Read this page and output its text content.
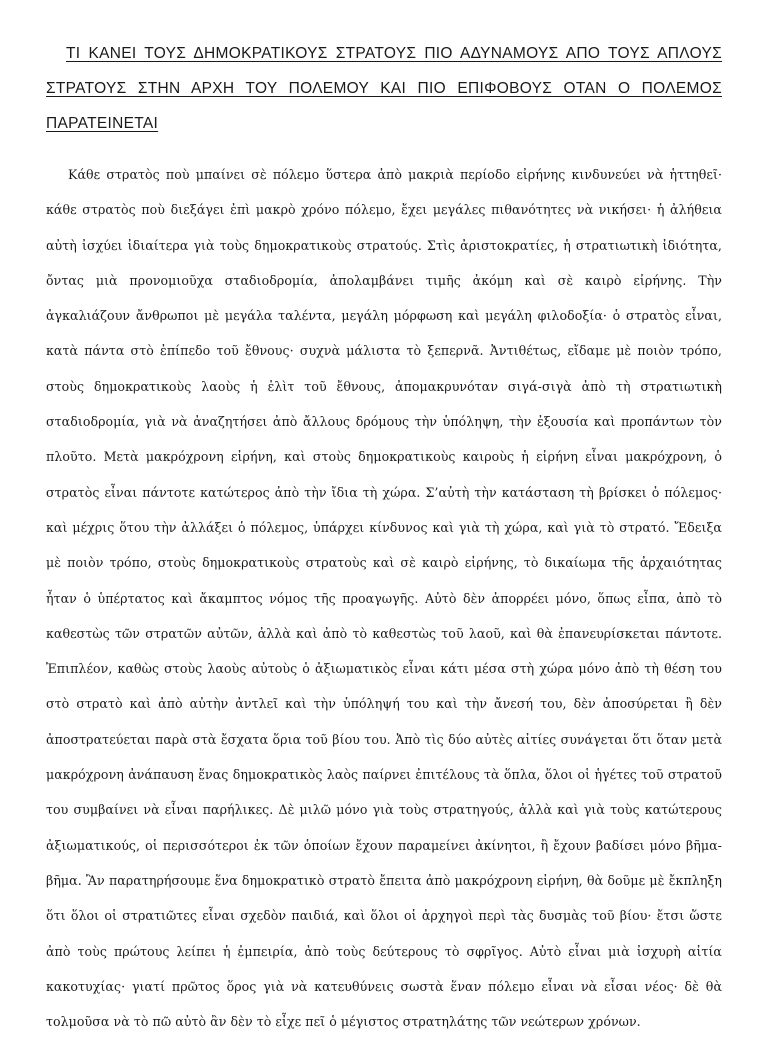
ΤΙ ΚΑΝΕΙ ΤΟΥΣ ΔΗΜΟΚΡΑΤΙΚΟΥΣ ΣΤΡΑΤΟΥΣ ΠΙΟ ΑΔΥΝΑΜΟΥΣ ΑΠΟ ΤΟΥΣ ΑΠΛΟΥΣ ΣΤΡΑΤΟΥΣ ΣΤΗΝ ΑΡΧΗ ΤΟΥ ΠΟΛΕΜΟΥ ΚΑΙ ΠΙΟ ΕΠΙΦΟΒΟΥΣ ΟΤΑΝ Ο ΠΟΛΕΜΟΣ ΠΑΡΑΤΕΙΝΕΤΑΙ

Κάθε στρατὸς ποὺ μπαίνει σὲ πόλεμο ὕστερα ἀπὸ μακριὰ περίοδο εἰρήνης κινδυνεύει νὰ ἡττηθεῖ· κάθε στρατὸς ποὺ διεξάγει ἐπὶ μακρὸ χρόνο πόλεμο, ἔχει μεγάλες πιθανότητες νὰ νικήσει· ἡ ἀλήθεια αὐτὴ ἰσχύει ἰδιαίτερα γιὰ τοὺς δημοκρατικοὺς στρατούς. Στὶς ἀριστοκρατίες, ἡ στρατιωτικὴ ἰδιότητα, ὄντας μιὰ προνομιοῦχα σταδιοδρομία, ἀπολαμβάνει τιμῆς ἀκόμη καὶ σὲ καιρὸ εἰρήνης. Τὴν ἀγκαλιάζουν ἄνθρωποι μὲ μεγάλα ταλέντα, μεγάλη μόρφωση καὶ μεγάλη φιλοδοξία· ὁ στρατὸς εἶναι, κατὰ πάντα στὸ ἐπίπεδο τοῦ ἔθνους· συχνὰ μάλιστα τὸ ξεπερνᾶ. Ἀντιθέτως, εἴδαμε μὲ ποιὸν τρόπο, στοὺς δημοκρατικοὺς λαοὺς ἡ ἐλὶτ τοῦ ἔθνους, ἀπομακρυνόταν σιγά-σιγὰ ἀπὸ τὴ στρατιωτικὴ σταδιοδρομία, γιὰ νὰ ἀναζητήσει ἀπὸ ἄλλους δρόμους τὴν ὑπόληψη, τὴν ἐξουσία καὶ προπάντων τὸν πλοῦτο. Μετὰ μακρόχρονη εἰρήνη, καὶ στοὺς δημοκρατικοὺς καιροὺς ἡ εἰρήνη εἶναι μακρόχρονη, ὁ στρατὸς εἶναι πάντοτε κατώτερος ἀπὸ τὴν ἴδια τὴ χώρα. Σ’αὐτὴ τὴν κατάσταση τὴ βρίσκει ὁ πόλεμος· καὶ μέχρις ὅτου τὴν ἀλλάξει ὁ πόλεμος, ὑπάρχει κίνδυνος καὶ γιὰ τὴ χώρα, καὶ γιὰ τὸ στρατό. Ἔδειξα μὲ ποιὸν τρόπο, στοὺς δημοκρατικοὺς στρατοὺς καὶ σὲ καιρὸ εἰρήνης, τὸ δικαίωμα τῆς ἀρχαιότητας ἦταν ὁ ὑπέρτατος καὶ ἄκαμπτος νόμος τῆς προαγωγῆς. Αὐτὸ δὲν ἀπορρέει μόνο, ὅπως εἶπα, ἀπὸ τὸ καθεστὼς τῶν στρατῶν αὐτῶν, ἀλλὰ καὶ ἀπὸ τὸ καθεστὼς τοῦ λαοῦ, καὶ θὰ ἐπανευρίσκεται πάντοτε. Ἐπιπλέον, καθὼς στοὺς λαοὺς αὐτοὺς ὁ ἀξιωματικὸς εἶναι κάτι μέσα στὴ χώρα μόνο ἀπὸ τὴ θέση του στὸ στρατὸ καὶ ἀπὸ αὐτὴν ἀντλεῖ καὶ τὴν ὑπόληψή του καὶ τὴν ἄνεσή του, δὲν ἀποσύρεται ἢ δὲν ἀποστρατεύεται παρὰ στὰ ἔσχατα ὅρια τοῦ βίου του. Ἀπὸ τὶς δύο αὐτὲς αἰτίες συνάγεται ὅτι ὅταν μετὰ μακρόχρονη ἀνάπαυση ἕνας δημοκρατικὸς λαὸς παίρνει ἐπιτέλους τὰ ὅπλα, ὅλοι οἱ ἡγέτες τοῦ στρατοῦ του συμβαίνει νὰ εἶναι παρήλικες. Δὲ μιλῶ μόνο γιὰ τοὺς στρατηγούς, ἀλλὰ καὶ γιὰ τοὺς κατώτερους ἀξιωματικούς, οἱ περισσότεροι ἐκ τῶν ὁποίων ἔχουν παραμείνει ἀκίνητοι, ἢ ἔχουν βαδίσει μόνο βῆμα-βῆμα. Ἂν παρατηρήσουμε ἕνα δημοκρατικὸ στρατὸ ἔπειτα ἀπὸ μακρόχρονη εἰρήνη, θὰ δοῦμε μὲ ἔκπληξη ὅτι ὅλοι οἱ στρατιῶτες εἶναι σχεδὸν παιδιά, καὶ ὅλοι οἱ ἀρχηγοὶ περὶ τὰς δυσμὰς τοῦ βίου· ἔτσι ὥστε ἀπὸ τοὺς πρώτους λείπει ἡ ἐμπειρία, ἀπὸ τοὺς δεύτερους τὸ σφρῖγος. Αὐτὸ εἶναι μιὰ ἰσχυρὴ αἰτία κακοτυχίας· γιατί πρῶτος ὅρος γιὰ νὰ κατευθύνεις σωστὰ ἕναν πόλεμο εἶναι νὰ εἶσαι νέος· δὲ θὰ τολμοῦσα νὰ τὸ πῶ αὐτὸ ἂν δὲν τὸ εἶχε πεῖ ὁ μέγιστος στρατηλάτης τῶν νεώτερων χρόνων.
